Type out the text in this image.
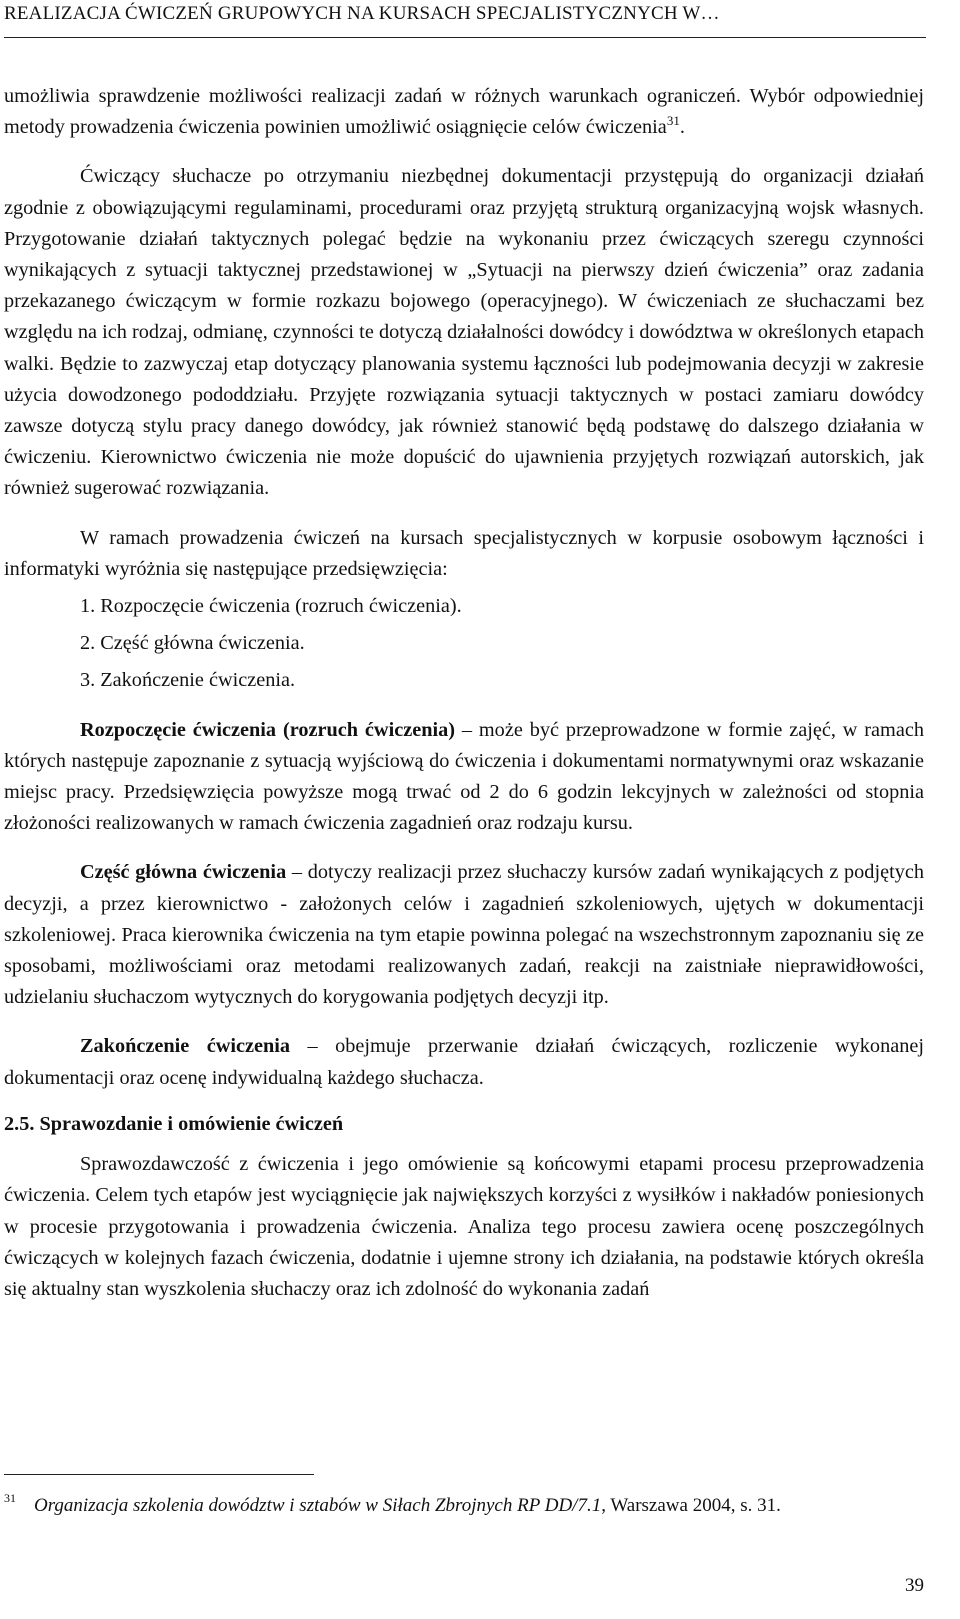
REALIZACJA ĆWICZEŃ GRUPOWYCH NA KURSACH SPECJALISTYCZNYCH W…

umożliwia sprawdzenie możliwości realizacji zadań w różnych warunkach ograniczeń. Wybór odpowiedniej metody prowadzenia ćwiczenia powinien umożliwić osiągnięcie celów ćwiczenia$^{31}$.

Ćwiczący słuchacze po otrzymaniu niezbędnej dokumentacji przystępują do organizacji działań zgodnie z obowiązującymi regulaminami, procedurami oraz przyjętą strukturą organizacyjną wojsk własnych. Przygotowanie działań taktycznych polegać będzie na wykonaniu przez ćwiczących szeregu czynności wynikających z sytuacji taktycznej przedstawionej w „Sytuacji na pierwszy dzień ćwiczenia” oraz zadania przekazanego ćwiczącym w formie rozkazu bojowego (operacyjnego). W ćwiczeniach ze słuchaczami bez względu na ich rodzaj, odmianę, czynności te dotyczą działalności dowódcy i dowództwa w określonych etapach walki. Będzie to zazwyczaj etap dotyczący planowania systemu łączności lub podejmowania decyzji w zakresie użycia dowodzonego pododdziału. Przyjęte rozwiązania sytuacji taktycznych w postaci zamiaru dowódcy zawsze dotyczą stylu pracy danego dowódcy, jak również stanowić będą podstawę do dalszego działania w ćwiczeniu. Kierownictwo ćwiczenia nie może dopuścić do ujawnienia przyjętych rozwiązań autorskich, jak również sugerować rozwiązania.

W ramach prowadzenia ćwiczeń na kursach specjalistycznych w korpusie osobowym łączności i informatyki wyróżnia się następujące przedsięwzięcia:

1. Rozpoczęcie ćwiczenia (rozruch ćwiczenia).

2. Część główna ćwiczenia.

3. Zakończenie ćwiczenia.

Rozpoczęcie ćwiczenia (rozruch ćwiczenia) – może być przeprowadzone w formie zajęć, w ramach których następuje zapoznanie z sytuacją wyjściową do ćwiczenia i dokumentami normatywnymi oraz wskazanie miejsc pracy. Przedsięwzięcia powyższe mogą trwać od 2 do 6 godzin lekcyjnych w zależności od stopnia złożoności realizowanych w ramach ćwiczenia zagadnień oraz rodzaju kursu.

Część główna ćwiczenia – dotyczy realizacji przez słuchaczy kursów zadań wynikających z podjętych decyzji, a przez kierownictwo - założonych celów i zagadnień szkoleniowych, ujętych w dokumentacji szkoleniowej. Praca kierownika ćwiczenia na tym etapie powinna polegać na wszechstronnym zapoznaniu się ze sposobami, możliwościami oraz metodami realizowanych zadań, reakcji na zaistniałe nieprawidłowości, udzielaniu słuchaczom wytycznych do korygowania podjętych decyzji itp.

Zakończenie ćwiczenia – obejmuje przerwanie działań ćwiczących, rozliczenie wykonanej dokumentacji oraz ocenę indywidualną każdego słuchacza.

2.5. Sprawozdanie i omówienie ćwiczeń

Sprawozdawczość z ćwiczenia i jego omówienie są końcowymi etapami procesu przeprowadzenia ćwiczenia. Celem tych etapów jest wyciągnięcie jak największych korzyści z wysiłków i nakładów poniesionych w procesie przygotowania i prowadzenia ćwiczenia. Analiza tego procesu zawiera ocenę poszczególnych ćwiczących w kolejnych fazach ćwiczenia, dodatnie i ujemne strony ich działania, na podstawie których określa się aktualny stan wyszkolenia słuchaczy oraz ich zdolność do wykonania zadań

$^{31}$ Organizacja szkolenia dowództw i sztabów w Siłach Zbrojnych RP DD/7.1, Warszawa 2004, s. 31.
39
